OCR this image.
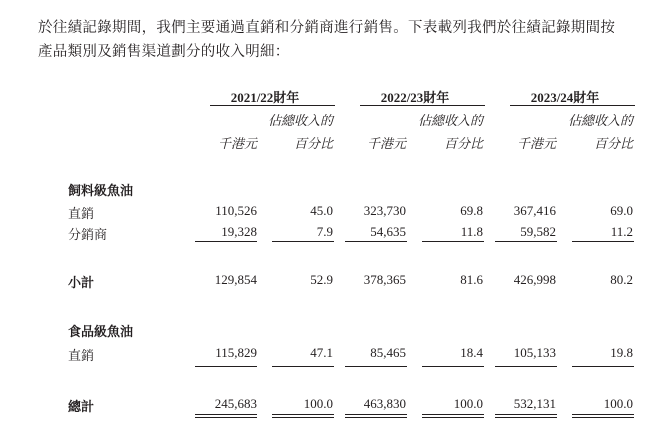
於往績記錄期間，我們主要通過直銷和分銷商進行銷售。下表載列我們於往績記錄期間按
產品類別及銷售渠道劃分的收入明細：
2021/22財年	2022/23財年	2023/24財年
佔總收入的	佔總收入的	佔總收入的
千港元	百分比	千港元	百分比	千港元	百分比
飼料級魚油
直銷	110,526	45.0 323,730	69.8 367,416	69.0
分銷商	19,328	7.9	54,635	11.8	59,582	11.2
小計	129,854	52.9 378,365	81.6 426,998	80.2
食品級魚油
直銷	115,829	47.1	85,465	18.4 105,133	19.8
總計	245,683	100.0 463,830	100.0 532,131	100.0
